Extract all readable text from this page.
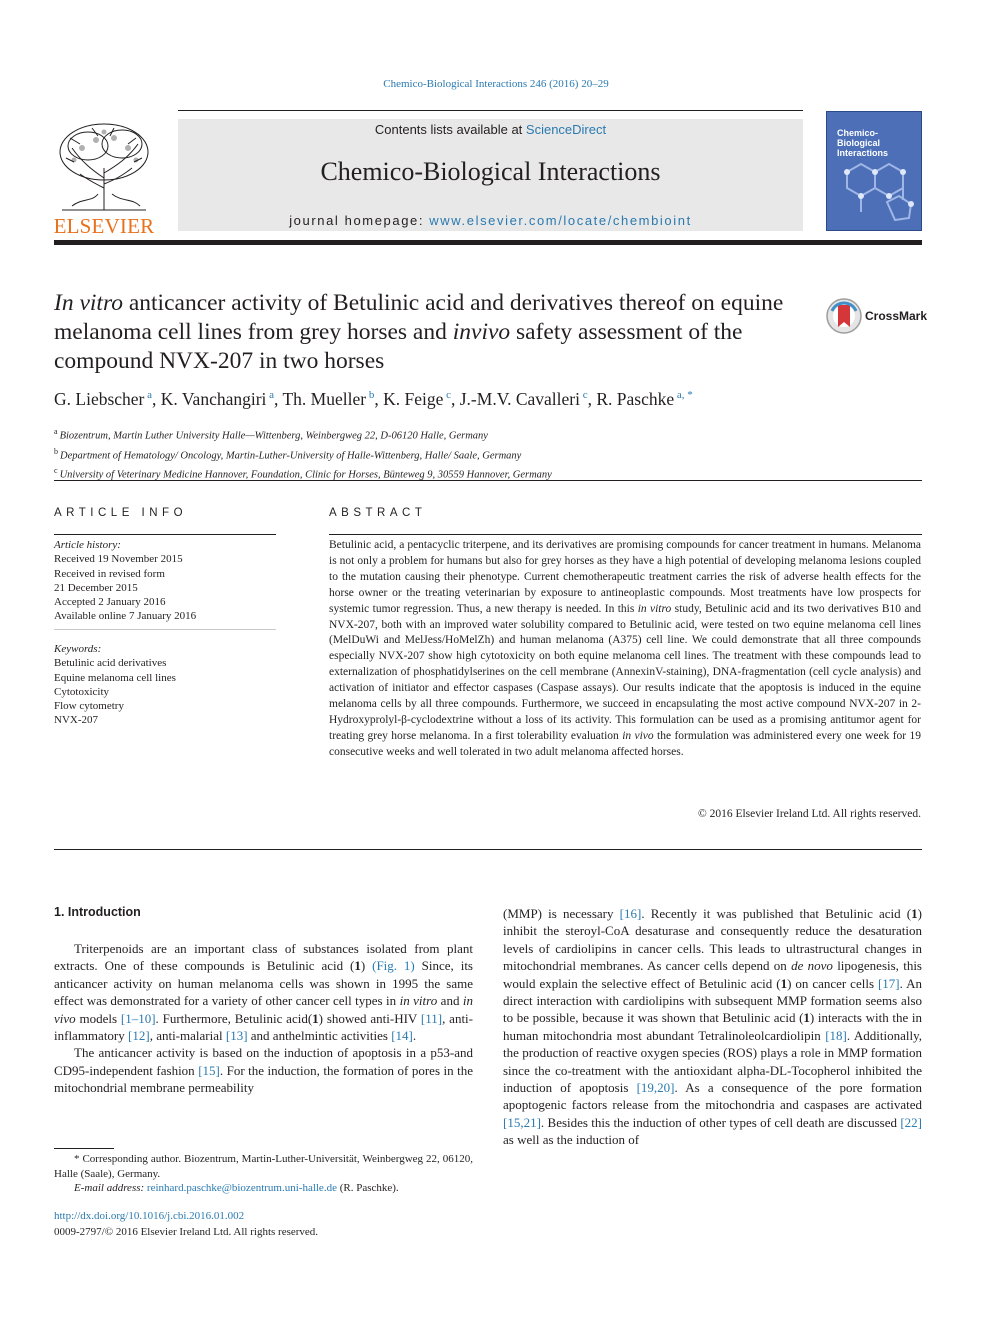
Chemico-Biological Interactions 246 (2016) 20–29
ELSEVIER
Contents lists available at ScienceDirect
Chemico-Biological Interactions
journal homepage: www.elsevier.com/locate/chembioint
Chemico-Biological Interactions
In vitro anticancer activity of Betulinic acid and derivatives thereof on equine melanoma cell lines from grey horses and invivo safety assessment of the compound NVX-207 in two horses
CrossMark
G. Liebscher $^a$, K. Vanchangiri $^a$, Th. Mueller $^b$, K. Feige $^c$, J.-M.V. Cavalleri $^c$, R. Paschke $^{a, *}$
$^a$ Biozentrum, Martin Luther University Halle—Wittenberg, Weinbergweg 22, D-06120 Halle, Germany
$^b$ Department of Hematology/ Oncology, Martin-Luther-University of Halle-Wittenberg, Halle/ Saale, Germany
$^c$ University of Veterinary Medicine Hannover, Foundation, Clinic for Horses, Bünteweg 9, 30559 Hannover, Germany
ARTICLE INFO
Article history:
Received 19 November 2015
Received in revised form
21 December 2015
Accepted 2 January 2016
Available online 7 January 2016
Keywords:
Betulinic acid derivatives
Equine melanoma cell lines
Cytotoxicity
Flow cytometry
NVX-207
ABSTRACT
Betulinic acid, a pentacyclic triterpene, and its derivatives are promising compounds for cancer treatment in humans. Melanoma is not only a problem for humans but also for grey horses as they have a high potential of developing melanoma lesions coupled to the mutation causing their phenotype. Current chemotherapeutic treatment carries the risk of adverse health effects for the horse owner or the treating veterinarian by exposure to antineoplastic compounds. Most treatments have low prospects for systemic tumor regression. Thus, a new therapy is needed. In this in vitro study, Betulinic acid and its two derivatives B10 and NVX-207, both with an improved water solubility compared to Betulinic acid, were tested on two equine melanoma cell lines (MelDuWi and MelJess/HoMelZh) and human melanoma (A375) cell line. We could demonstrate that all three compounds especially NVX-207 show high cytotoxicity on both equine melanoma cell lines. The treatment with these compounds lead to externalization of phosphatidylserines on the cell membrane (AnnexinV-staining), DNA-fragmentation (cell cycle analysis) and activation of initiator and effector caspases (Caspase assays). Our results indicate that the apoptosis is induced in the equine melanoma cells by all three compounds. Furthermore, we succeed in encapsulating the most active compound NVX-207 in 2-Hydroxyprolyl-β-cyclodextrine without a loss of its activity. This formulation can be used as a promising antitumor agent for treating grey horse melanoma. In a first tolerability evaluation in vivo the formulation was administered every one week for 19 consecutive weeks and well tolerated in two adult melanoma affected horses.
© 2016 Elsevier Ireland Ltd. All rights reserved.
1. Introduction

Triterpenoids are an important class of substances isolated from plant extracts. One of these compounds is Betulinic acid (1) (Fig. 1) Since, its anticancer activity on human melanoma cells was shown in 1995 the same effect was demonstrated for a variety of other cancer cell types in in vitro and in vivo models [1–10]. Furthermore, Betulinic acid(1) showed anti-HIV [11], anti-inflammatory [12], anti-malarial [13] and anthelmintic activities [14].

The anticancer activity is based on the induction of apoptosis in a p53-and CD95-independent fashion [15]. For the induction, the formation of pores in the mitochondrial membrane permeability

(MMP) is necessary [16]. Recently it was published that Betulinic acid (1) inhibit the steroyl-CoA desaturase and consequently reduce the desaturation levels of cardiolipins in cancer cells. This leads to ultrastructural changes in mitochondrial membranes. As cancer cells depend on de novo lipogenesis, this would explain the selective effect of Betulinic acid (1) on cancer cells [17]. An direct interaction with cardiolipins with subsequent MMP formation seems also to be possible, because it was shown that Betulinic acid (1) interacts with the in human mitochondria most abundant Tetralinoleolcardiolipin [18]. Additionally, the production of reactive oxygen species (ROS) plays a role in MMP formation since the co-treatment with the antioxidant alpha-DL-Tocopherol inhibited the induction of apoptosis [19,20]. As a consequence of the pore formation apoptogenic factors release from the mitochondria and caspases are activated [15,21]. Besides this the induction of other types of cell death are discussed [22] as well as the induction of

* Corresponding author. Biozentrum, Martin-Luther-Universität, Weinbergweg 22, 06120, Halle (Saale), Germany.
E-mail address: reinhard.paschke@biozentrum.uni-halle.de (R. Paschke).
http://dx.doi.org/10.1016/j.cbi.2016.01.002
0009-2797/© 2016 Elsevier Ireland Ltd. All rights reserved.
